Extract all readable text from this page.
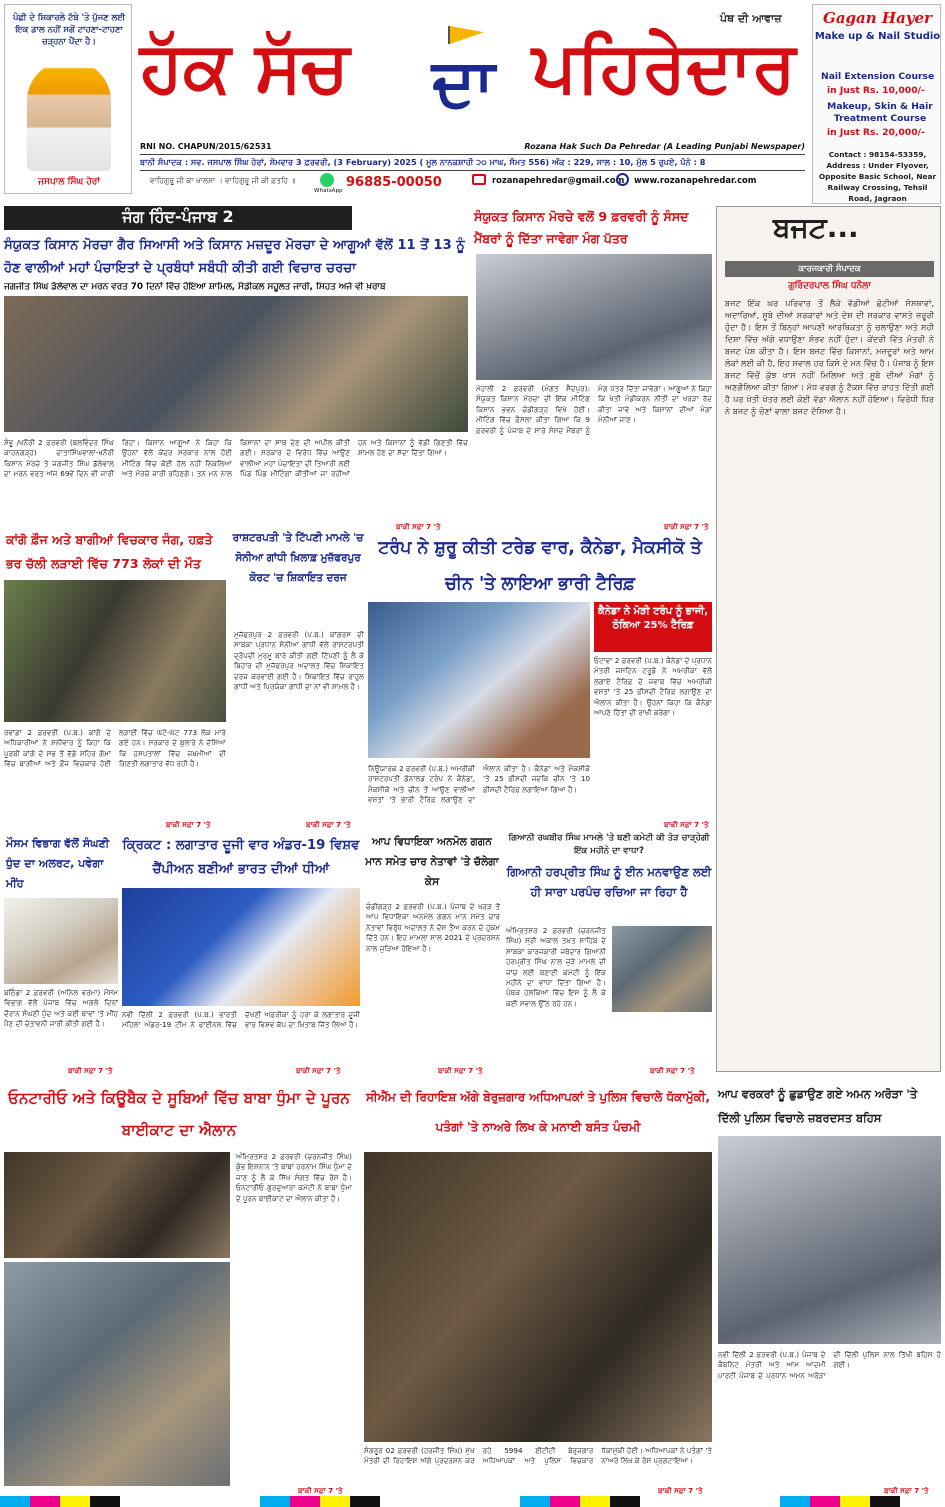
ਪੰਛੀ ਦੇ ਸ਼ਿਕਾਰਲੇ ਟੱਬੇ 'ਤੇ ਪੁੱਜਣ ਲਈ ਇਕ ਡਾਲ ਨਹੀਂ ਸਗੋਂ ਟਾਹਣਾ-ਟਾਹਣਾ ਚੜ੍ਹਨਾ ਪੈਂਦਾ ਹੈ।
ਜਸਪਾਲ ਸਿੰਘ ਹੇਰਾਂ
ਹੱਕ ਸੱਚ ਦਾ ਪਹਿਰੇਦਾਰ
ਪੰਥ ਦੀ ਆਵਾਜ਼
RNI NO. CHAPUN/2015/62531	Rozana Hak Such Da Pehredar (A Leading Punjabi Newspaper)
ਬਾਨੀ ਸੰਪਾਦਕ : ਸਵ. ਜਸਪਾਲ ਸਿੰਘ ਹੇਰਾਂ, ਸੋਮਵਾਰ 3 ਫ਼ਰਵਰੀ, (3 February) 2025 ( ਮੂਲ ਨਾਨਕਸ਼ਾਹੀ ੨੦ ਮਾਘ, ਸੰਮਤ 556) ਅੰਕ : 229, ਸਾਲ : 10, ਮੁੱਲ 5 ਰੁਪਏ, ਪੰਨੇ : 8
ਵਾਹਿਗੁਰੂ ਜੀ ਕਾ ਖਾਲਸਾ । ਵਾਹਿਗੁਰੂ ਜੀ ਕੀ ਫ਼ਤਹਿ ॥
WhatsApp
96885-00050	rozanapehredar@gmail.com www.rozanapehredar.com
Gagan Hayer
Make up & Nail Studio
Nail Extension Course
in Just Rs. 10,000/-
Makeup, Skin & Hair Treatment Course
in Just Rs. 20,000/-
Contact : 98154-53359, Address : Under Flyover, Opposite Basic School, Near Railway Crossing, Tehsil Road, Jagraon
ਜੰਗ ਹਿੰਦ-ਪੰਜਾਬ 2
ਸੰਯੁਕਤ ਕਿਸਾਨ ਮੋਰਚਾ ਗੈਰ ਸਿਆਸੀ ਅਤੇ ਕਿਸਾਨ ਮਜ਼ਦੂਰ ਮੋਰਚਾ ਦੇ ਆਗੂਆਂ ਵੱਲੋਂ 11 ਤੋਂ 13 ਨੂੰ ਹੋਣ ਵਾਲੀਆਂ ਮਹਾਂ ਪੰਚਾਇਤਾਂ ਦੇ ਪ੍ਰਬੰਧਾਂ ਸਬੰਧੀ ਕੀਤੀ ਗਈ ਵਿਚਾਰ ਚਰਚਾ
ਜਗਜੀਤ ਸਿੰਘ ਡੱਲੇਵਾਲ ਦਾ ਮਰਨ ਵਰਤ 70 ਦਿਨਾਂ ਵਿੱਚ ਹੋਇਆ ਸ਼ਾਮਿਲ, ਮੈਡੀਕਲ ਸਹੂਲਤ ਜਾਰੀ, ਸਿਹਤ ਅਜੇ ਵੀ ਖ਼ਰਾਬ
ਸ਼ੰਭੂ /ਖਨੌਰੀ 2 ਫ਼ਰਵਰੀ (ਬਲਵਿੰਦਰ ਸਿੰਘ ਕਾਹਨਗੜ੍ਹ) ਦਾਤਾਸਿੰਘਵਾਲਾ-ਖਨੌਰੀ ਕਿਸਾਨ ਮੋਰਚੇ ਤੇ ਜਗਜੀਤ ਸਿੰਘ ਡੱਲੇਵਾਲ ਦਾ ਮਰਨ ਵਰਤ ਅੱਜ 69ਵੇਂ ਦਿਨ ਵੀ ਜਾਰੀ ਰਿਹਾ। ਕਿਸਾਨ ਆਗੂਆਂ ਨੇ ਕਿਹਾ ਕਿ ਉਹਨਾਂ ਵੱਲੋਂ ਕੇਂਦਰ ਸਰਕਾਰ ਨਾਲ ਹੋਈ ਮੀਟਿੰਗ ਵਿੱਚ ਕੋਈ ਹੱਲ ਨਹੀਂ ਨਿਕਲਿਆ ਅਤੇ ਮੋਰਚੇ ਜਾਰੀ ਰਹਿਣਗੇ। ਤਨ ਮਨ ਨਾਲ ਕਿਸਾਨਾਂ ਦਾ ਸਾਥ ਦੇਣ ਦੀ ਅਪੀਲ ਕੀਤੀ ਗਈ। ਸਰਕਾਰ ਦੇ ਵਿਰੋਧ ਵਿੱਚ ਆਉਣ ਵਾਲੀਆਂ ਮਹਾਂ ਪੰਚਾਇਤਾਂ ਦੀ ਤਿਆਰੀ ਲਈ ਪਿੰਡ ਪਿੰਡ ਮੀਟਿੰਗਾਂ ਕੀਤੀਆਂ ਜਾ ਰਹੀਆਂ ਹਨ ਅਤੇ ਕਿਸਾਨਾਂ ਨੂੰ ਵੱਡੀ ਗਿਣਤੀ ਵਿੱਚ ਸ਼ਾਮਲ ਹੋਣ ਦਾ ਸੱਦਾ ਦਿੱਤਾ ਗਿਆ।
ਬਾਕੀ ਸਫ਼ਾ 7 'ਤੇ
ਸੰਯੁਕਤ ਕਿਸਾਨ ਮੋਰਚੇ ਵਲੋਂ 9 ਫ਼ਰਵਰੀ ਨੂੰ ਸੰਸਦ ਮੈਂਬਰਾਂ ਨੂੰ ਦਿੱਤਾ ਜਾਵੇਗਾ ਮੰਗ ਪੱਤਰ
ਮੋਹਾਲੀ 2 ਫ਼ਰਵਰੀ (ਮੰਗਤ ਸੈਦਪੁਰ): ਸੰਯੁਕਤ ਕਿਸਾਨ ਮੋਰਚਾ ਦੀ ਇੱਕ ਮੀਟਿੰਗ ਕਿਸਾਨ ਭਵਨ ਚੰਡੀਗੜ੍ਹ ਵਿਖੇ ਹੋਈ। ਮੀਟਿੰਗ ਵਿੱਚ ਫ਼ੈਸਲਾ ਕੀਤਾ ਗਿਆ ਕਿ 9 ਫ਼ਰਵਰੀ ਨੂੰ ਪੰਜਾਬ ਦੇ ਸਾਰੇ ਸੰਸਦ ਮੈਂਬਰਾਂ ਨੂੰ ਮੰਗ ਪੱਤਰ ਦਿੱਤਾ ਜਾਵੇਗਾ। ਆਗੂਆਂ ਨੇ ਕਿਹਾ ਕਿ ਖੇਤੀ ਮੰਡੀਕਰਨ ਨੀਤੀ ਦਾ ਖਰੜਾ ਰੱਦ ਕੀਤਾ ਜਾਵੇ ਅਤੇ ਕਿਸਾਨਾਂ ਦੀਆਂ ਮੰਗਾਂ ਮੰਨੀਆਂ ਜਾਣ।
ਬਾਕੀ ਸਫ਼ਾ 7 'ਤੇ
ਬਜਟ...
ਕਾਰਜਕਾਰੀ ਸੰਪਾਦਕ
ਗੁਰਿੰਦਰਪਾਲ ਸਿੰਘ ਧਨੌਲਾ
ਬਜਟ ਇੱਕ ਘਰ ਪਰਿਵਾਰ ਤੋਂ ਲੈਕੇ ਵੱਡੀਆਂ ਛੋਟੀਆਂ ਸੰਸਥਾਵਾਂ, ਅਦਾਰਿਆਂ, ਸੂਬੇ ਦੀਆਂ ਸਰਕਾਰਾਂ ਅਤੇ ਦੇਸ਼ ਦੀ ਸਰਕਾਰ ਵਾਸਤੇ ਜ਼ਰੂਰੀ ਹੁੰਦਾ ਹੈ। ਇਸ ਤੋਂ ਬਿਨ੍ਹਾਂ ਆਪਣੀ ਆਰਥਿਕਤਾ ਨੂੰ ਚਲਾਉਣਾ ਅਤੇ ਸਹੀ ਦਿਸ਼ਾ ਵਿੱਚ ਅੱਗੇ ਵਧਾਉਣਾ ਸੰਭਵ ਨਹੀਂ ਹੁੰਦਾ। ਕੇਂਦਰੀ ਵਿੱਤ ਮੰਤਰੀ ਨੇ ਬਜਟ ਪੇਸ਼ ਕੀਤਾ ਹੈ। ਇਸ ਬਜਟ ਵਿੱਚ ਕਿਸਾਨਾਂ, ਮਜ਼ਦੂਰਾਂ ਅਤੇ ਆਮ ਲੋਕਾਂ ਲਈ ਕੀ ਹੈ, ਇਹ ਸਵਾਲ ਹਰ ਕਿਸੇ ਦੇ ਮਨ ਵਿੱਚ ਹੈ। ਪੰਜਾਬ ਨੂੰ ਇਸ ਬਜਟ ਵਿੱਚੋਂ ਕੁੱਝ ਖਾਸ ਨਹੀਂ ਮਿਲਿਆ ਅਤੇ ਸੂਬੇ ਦੀਆਂ ਮੰਗਾਂ ਨੂੰ ਅਣਗੌਲਿਆ ਕੀਤਾ ਗਿਆ। ਮੱਧ ਵਰਗ ਨੂੰ ਟੈਕਸ ਵਿੱਚ ਰਾਹਤ ਦਿੱਤੀ ਗਈ ਹੈ ਪਰ ਖੇਤੀ ਖੇਤਰ ਲਈ ਕੋਈ ਵੱਡਾ ਐਲਾਨ ਨਹੀਂ ਹੋਇਆ। ਵਿਰੋਧੀ ਧਿਰ ਨੇ ਬਜਟ ਨੂੰ ਚੋਣਾਂ ਵਾਲਾ ਬਜਟ ਦੱਸਿਆ ਹੈ।
ਕਾਂਗੋ ਫ਼ੌਜ ਅਤੇ ਬਾਗੀਆਂ ਵਿਚਕਾਰ ਜੰਗ, ਹਫ਼ਤੇ ਭਰ ਚੱਲੀ ਲੜਾਈ ਵਿੱਚ 773 ਲੋਕਾਂ ਦੀ ਮੌਤ
ਰਵਾਂਡਾ 2 ਫ਼ਰਵਰੀ (ਪ.ਬ.) ਕਾਂਗੋ ਦੇ ਅਧਿਕਾਰੀਆਂ ਨੇ ਸ਼ਨੀਵਾਰ ਨੂੰ ਕਿਹਾ ਕਿ ਪੂਰਬੀ ਕਾਂਗੋ ਦੇ ਸਭ ਤੋਂ ਵੱਡੇ ਸ਼ਹਿਰ ਗੋਮਾ ਵਿੱਚ ਬਾਗੀਆਂ ਅਤੇ ਫ਼ੌਜ ਵਿਚਕਾਰ ਹੋਈ ਲੜਾਈ ਵਿੱਚ ਘੱਟੋ-ਘੱਟ 773 ਲੋਕ ਮਾਰੇ ਗਏ ਹਨ। ਸਰਕਾਰ ਦੇ ਬੁਲਾਰੇ ਨੇ ਦੱਸਿਆ ਕਿ ਹਸਪਤਾਲਾਂ ਵਿੱਚ ਜ਼ਖ਼ਮੀਆਂ ਦੀ ਗਿਣਤੀ ਲਗਾਤਾਰ ਵੱਧ ਰਹੀ ਹੈ।
ਬਾਕੀ ਸਫ਼ਾ 7 'ਤੇ
ਰਾਸ਼ਟਰਪਤੀ 'ਤੇ ਟਿੱਪਣੀ ਮਾਮਲੇ 'ਚ ਸੋਨੀਆ ਗਾਂਧੀ ਖ਼ਿਲਾਫ਼ ਮੁਜ਼ੱਫਰਪੁਰ ਕੋਰਟ 'ਚ ਸ਼ਿਕਾਇਤ ਦਰਜ
ਮੁਜ਼ੱਫਰਪੁਰ 2 ਫ਼ਰਵਰੀ (ਪ.ਬ.) ਕਾਂਗਰਸ ਦੀ ਸਾਬਕਾ ਪ੍ਰਧਾਨ ਸੋਨੀਆ ਗਾਂਧੀ ਵੱਲੋਂ ਰਾਸ਼ਟਰਪਤੀ ਦ੍ਰੋਪਦੀ ਮੁਰਮੂ ਬਾਰੇ ਕੀਤੀ ਗਈ ਟਿੱਪਣੀ ਨੂੰ ਲੈ ਕੇ ਬਿਹਾਰ ਦੀ ਮੁਜ਼ੱਫਰਪੁਰ ਅਦਾਲਤ ਵਿੱਚ ਸ਼ਿਕਾਇਤ ਦਰਜ ਕਰਵਾਈ ਗਈ ਹੈ। ਸ਼ਿਕਾਇਤ ਵਿੱਚ ਰਾਹੁਲ ਗਾਂਧੀ ਅਤੇ ਪ੍ਰਿਯੰਕਾ ਗਾਂਧੀ ਦਾ ਨਾਂ ਵੀ ਸ਼ਾਮਲ ਹੈ।
ਬਾਕੀ ਸਫ਼ਾ 7 'ਤੇ
ਟਰੰਪ ਨੇ ਸ਼ੁਰੂ ਕੀਤੀ ਟਰੇਡ ਵਾਰ, ਕੈਨੇਡਾ, ਮੈਕਸੀਕੋ ਤੇ ਚੀਨ 'ਤੇ ਲਾਇਆ ਭਾਰੀ ਟੈਰਿਫ਼
ਕੈਨੇਡਾ ਨੇ ਮੋੜੀ ਟਰੰਪ ਨੂੰ ਭਾਜੀ, ਠੋਕਿਆ 25% ਟੈਰਿਫ਼
ਓਟਾਵਾ 2 ਫ਼ਰਵਰੀ (ਪ.ਬ.) ਕੈਨੇਡਾ ਦੇ ਪ੍ਰਧਾਨ ਮੰਤਰੀ ਜਸਟਿਨ ਟਰੂਡੋ ਨੇ ਅਮਰੀਕਾ ਵੱਲੋਂ ਲਗਾਏ ਟੈਰਿਫ਼ ਦੇ ਜਵਾਬ ਵਿੱਚ ਅਮਰੀਕੀ ਵਸਤਾਂ 'ਤੇ 25 ਫ਼ੀਸਦੀ ਟੈਰਿਫ਼ ਲਗਾਉਣ ਦਾ ਐਲਾਨ ਕੀਤਾ ਹੈ। ਉਹਨਾਂ ਕਿਹਾ ਕਿ ਕੈਨੇਡਾ ਆਪਣੇ ਹਿੱਤਾਂ ਦੀ ਰਾਖੀ ਕਰੇਗਾ।
ਨਿਊਯਾਰਕ 2 ਫ਼ਰਵਰੀ (ਪ.ਬ.) ਅਮਰੀਕੀ ਰਾਸ਼ਟਰਪਤੀ ਡੋਨਾਲਡ ਟਰੰਪ ਨੇ ਕੈਨੇਡਾ, ਮੈਕਸੀਕੋ ਅਤੇ ਚੀਨ ਤੋਂ ਆਉਣ ਵਾਲੀਆਂ ਵਸਤਾਂ 'ਤੇ ਭਾਰੀ ਟੈਰਿਫ਼ ਲਗਾਉਣ ਦਾ ਐਲਾਨ ਕੀਤਾ ਹੈ। ਕੈਨੇਡਾ ਅਤੇ ਮੈਕਸੀਕੋ 'ਤੇ 25 ਫ਼ੀਸਦੀ ਜਦਕਿ ਚੀਨ 'ਤੇ 10 ਫ਼ੀਸਦੀ ਟੈਰਿਫ਼ ਲਗਾਇਆ ਗਿਆ ਹੈ।
ਬਾਕੀ ਸਫ਼ਾ 7 'ਤੇ
ਮੌਸਮ ਵਿਭਾਗ ਵੱਲੋਂ ਸੰਘਣੀ ਧੁੰਦ ਦਾ ਅਲਰਟ, ਪਵੇਗਾ ਮੀਂਹ
ਬਠਿੰਡਾ 2 ਫ਼ਰਵਰੀ (ਅਨਿਲ ਵਰਮਾ) ਮੌਸਮ ਵਿਭਾਗ ਵੱਲੋਂ ਪੰਜਾਬ ਵਿੱਚ ਅਗਲੇ ਦਿਨਾਂ ਦੌਰਾਨ ਸੰਘਣੀ ਧੁੰਦ ਅਤੇ ਕਈ ਥਾਵਾਂ 'ਤੇ ਮੀਂਹ ਪੈਣ ਦੀ ਚੇਤਾਵਨੀ ਜਾਰੀ ਕੀਤੀ ਗਈ ਹੈ।
ਬਾਕੀ ਸਫ਼ਾ 7 'ਤੇ
ਕ੍ਰਿਕਟ : ਲਗਾਤਾਰ ਦੂਜੀ ਵਾਰ ਅੰਡਰ-19 ਵਿਸ਼ਵ ਚੈਂਪੀਅਨ ਬਣੀਆਂ ਭਾਰਤ ਦੀਆਂ ਧੀਆਂ
ਨਵੀਂ ਦਿੱਲੀ 2 ਫ਼ਰਵਰੀ (ਪ.ਬ.) ਭਾਰਤੀ ਮਹਿਲਾ ਅੰਡਰ-19 ਟੀਮ ਨੇ ਫਾਈਨਲ ਵਿੱਚ ਦੱਖਣੀ ਅਫ਼ਰੀਕਾ ਨੂੰ ਹਰਾ ਕੇ ਲਗਾਤਾਰ ਦੂਜੀ ਵਾਰ ਵਿਸ਼ਵ ਕੱਪ ਦਾ ਖ਼ਿਤਾਬ ਜਿੱਤ ਲਿਆ ਹੈ।
ਬਾਕੀ ਸਫ਼ਾ 7 'ਤੇ
ਆਪ ਵਿਧਾਇਕਾ ਅਨਮੋਲ ਗਗਨ ਮਾਨ ਸਮੇਤ ਚਾਰ ਨੇਤਾਵਾਂ 'ਤੇ ਚੱਲੇਗਾ ਕੇਸ
ਚੰਡੀਗੜ੍ਹ 2 ਫ਼ਰਵਰੀ (ਪ.ਬ.) ਪੰਜਾਬ ਦੇ ਖਰੜ ਤੋਂ ਆਪ ਵਿਧਾਇਕਾ ਅਨਮੋਲ ਗਗਨ ਮਾਨ ਸਮੇਤ ਚਾਰ ਨੇਤਾਵਾਂ ਵਿਰੁੱਧ ਅਦਾਲਤ ਨੇ ਦੋਸ਼ ਤੈਅ ਕਰਨ ਦੇ ਹੁਕਮ ਦਿੱਤੇ ਹਨ। ਇਹ ਮਾਮਲਾ ਸਾਲ 2021 ਦੇ ਪ੍ਰਦਰਸ਼ਨ ਨਾਲ ਜੁੜਿਆ ਹੋਇਆ ਹੈ।
ਬਾਕੀ ਸਫ਼ਾ 7 'ਤੇ
ਗਿਆਨੀ ਰਘਬੀਰ ਸਿੰਘ ਮਾਮਲੇ 'ਤੇ ਬਣੀ ਕਮੇਟੀ ਕੀ ਤੋੜ ਚਾੜ੍ਹੇਗੀ ਇੱਕ ਮਹੀਨੇ ਦਾ ਵਾਧਾ?
ਗਿਆਨੀ ਹਰਪ੍ਰੀਤ ਸਿੰਘ ਨੂੰ ਈਨ ਮਨਵਾਉਣ ਲਈ ਹੀ ਸਾਰਾ ਪਰਪੰਚ ਰਚਿਆ ਜਾ ਰਿਹਾ ਹੈ
ਅੰਮ੍ਰਿਤਸਰ 2 ਫ਼ਰਵਰੀ (ਚਰਨਜੀਤ ਸਿੰਘ) ਸ੍ਰੀ ਅਕਾਲ ਤਖ਼ਤ ਸਾਹਿਬ ਦੇ ਸਾਬਕਾ ਕਾਰਜਕਾਰੀ ਜਥੇਦਾਰ ਗਿਆਨੀ ਹਰਪ੍ਰੀਤ ਸਿੰਘ ਨਾਲ ਜੁੜੇ ਮਾਮਲੇ ਦੀ ਜਾਂਚ ਲਈ ਬਣਾਈ ਕਮੇਟੀ ਨੂੰ ਇੱਕ ਮਹੀਨੇ ਦਾ ਵਾਧਾ ਦਿੱਤਾ ਗਿਆ ਹੈ। ਪੰਥਕ ਹਲਕਿਆਂ ਵਿੱਚ ਇਸ ਨੂੰ ਲੈ ਕੇ ਕਈ ਸਵਾਲ ਉੱਠ ਰਹੇ ਹਨ।
ਬਾਕੀ ਸਫ਼ਾ 7 'ਤੇ
ਓਨਟਾਰੀਓ ਅਤੇ ਕਿਊਬੈਕ ਦੇ ਸੂਬਿਆਂ ਵਿੱਚ ਬਾਬਾ ਧੁੰਮਾ ਦੇ ਪੂਰਨ ਬਾਈਕਾਟ ਦਾ ਐਲਾਨ
ਅੰਮ੍ਰਿਤਸਰ 2 ਫ਼ਰਵਰੀ (ਚਰਨਜੀਤ ਸਿੰਘ) ਕੁੰਭ ਇਸ਼ਨਾਨ 'ਤੇ ਬਾਬਾ ਹਰਨਾਮ ਸਿੰਘ ਧੁੰਮਾ ਦੇ ਜਾਣ ਨੂੰ ਲੈ ਕੇ ਸਿੱਖ ਸੰਗਤ ਵਿੱਚ ਰੋਸ ਹੈ। ਓਨਟਾਰੀਓ ਗੁਰਦੁਆਰਾ ਕਮੇਟੀ ਨੇ ਬਾਬਾ ਧੁੰਮਾ ਦੇ ਪੂਰਨ ਬਾਈਕਾਟ ਦਾ ਐਲਾਨ ਕੀਤਾ ਹੈ।
ਬਾਕੀ ਸਫ਼ਾ 7 'ਤੇ
ਸੀਐੱਮ ਦੀ ਰਿਹਾਇਸ਼ ਅੱਗੇ ਬੇਰੁਜ਼ਗਾਰ ਅਧਿਆਪਕਾਂ ਤੇ ਪੁਲਿਸ ਵਿਚਾਲੇ ਧੱਕਾਮੁੱਕੀ, ਪਤੰਗਾਂ 'ਤੇ ਨਾਅਰੇ ਲਿਖ ਕੇ ਮਨਾਈ ਬਸੰਤ ਪੰਚਮੀ
ਸੰਗਰੂਰ 02 ਫ਼ਰਵਰੀ (ਹਰਜੀਤ ਸਿੰਘ) ਮੁੱਖ ਮੰਤਰੀ ਦੀ ਰਿਹਾਇਸ਼ ਅੱਗੇ ਪ੍ਰਦਰਸ਼ਨ ਕਰ ਰਹੇ 5994 ਈਟੀਟੀ ਬੇਰੁਜ਼ਗਾਰ ਅਧਿਆਪਕਾਂ ਅਤੇ ਪੁਲਿਸ ਵਿਚਕਾਰ ਧੱਕਾਮੁੱਕੀ ਹੋਈ। ਅਧਿਆਪਕਾਂ ਨੇ ਪਤੰਗਾਂ 'ਤੇ ਨਾਅਰੇ ਲਿਖ ਕੇ ਰੋਸ ਪ੍ਰਗਟਾਇਆ।
ਬਾਕੀ ਸਫ਼ਾ 7 'ਤੇ
ਆਪ ਵਰਕਰਾਂ ਨੂੰ ਛੁਡਾਉਣ ਗਏ ਅਮਨ ਅਰੋੜਾ 'ਤੇ ਦਿੱਲੀ ਪੁਲਿਸ ਵਿਚਾਲੇ ਜ਼ਬਰਦਸਤ ਬਹਿਸ
ਨਵੀਂ ਦਿੱਲੀ 2 ਫ਼ਰਵਰੀ (ਪ.ਬ.) ਪੰਜਾਬ ਦੇ ਕੈਬਨਿਟ ਮੰਤਰੀ ਅਤੇ ਆਮ ਆਦਮੀ ਪਾਰਟੀ ਪੰਜਾਬ ਦੇ ਪ੍ਰਧਾਨ ਅਮਨ ਅਰੋੜਾ ਦੀ ਦਿੱਲੀ ਪੁਲਿਸ ਨਾਲ ਤਿੱਖੀ ਬਹਿਸ ਹੋ ਗਈ।
ਬਾਕੀ ਸਫ਼ਾ 7 'ਤੇ
